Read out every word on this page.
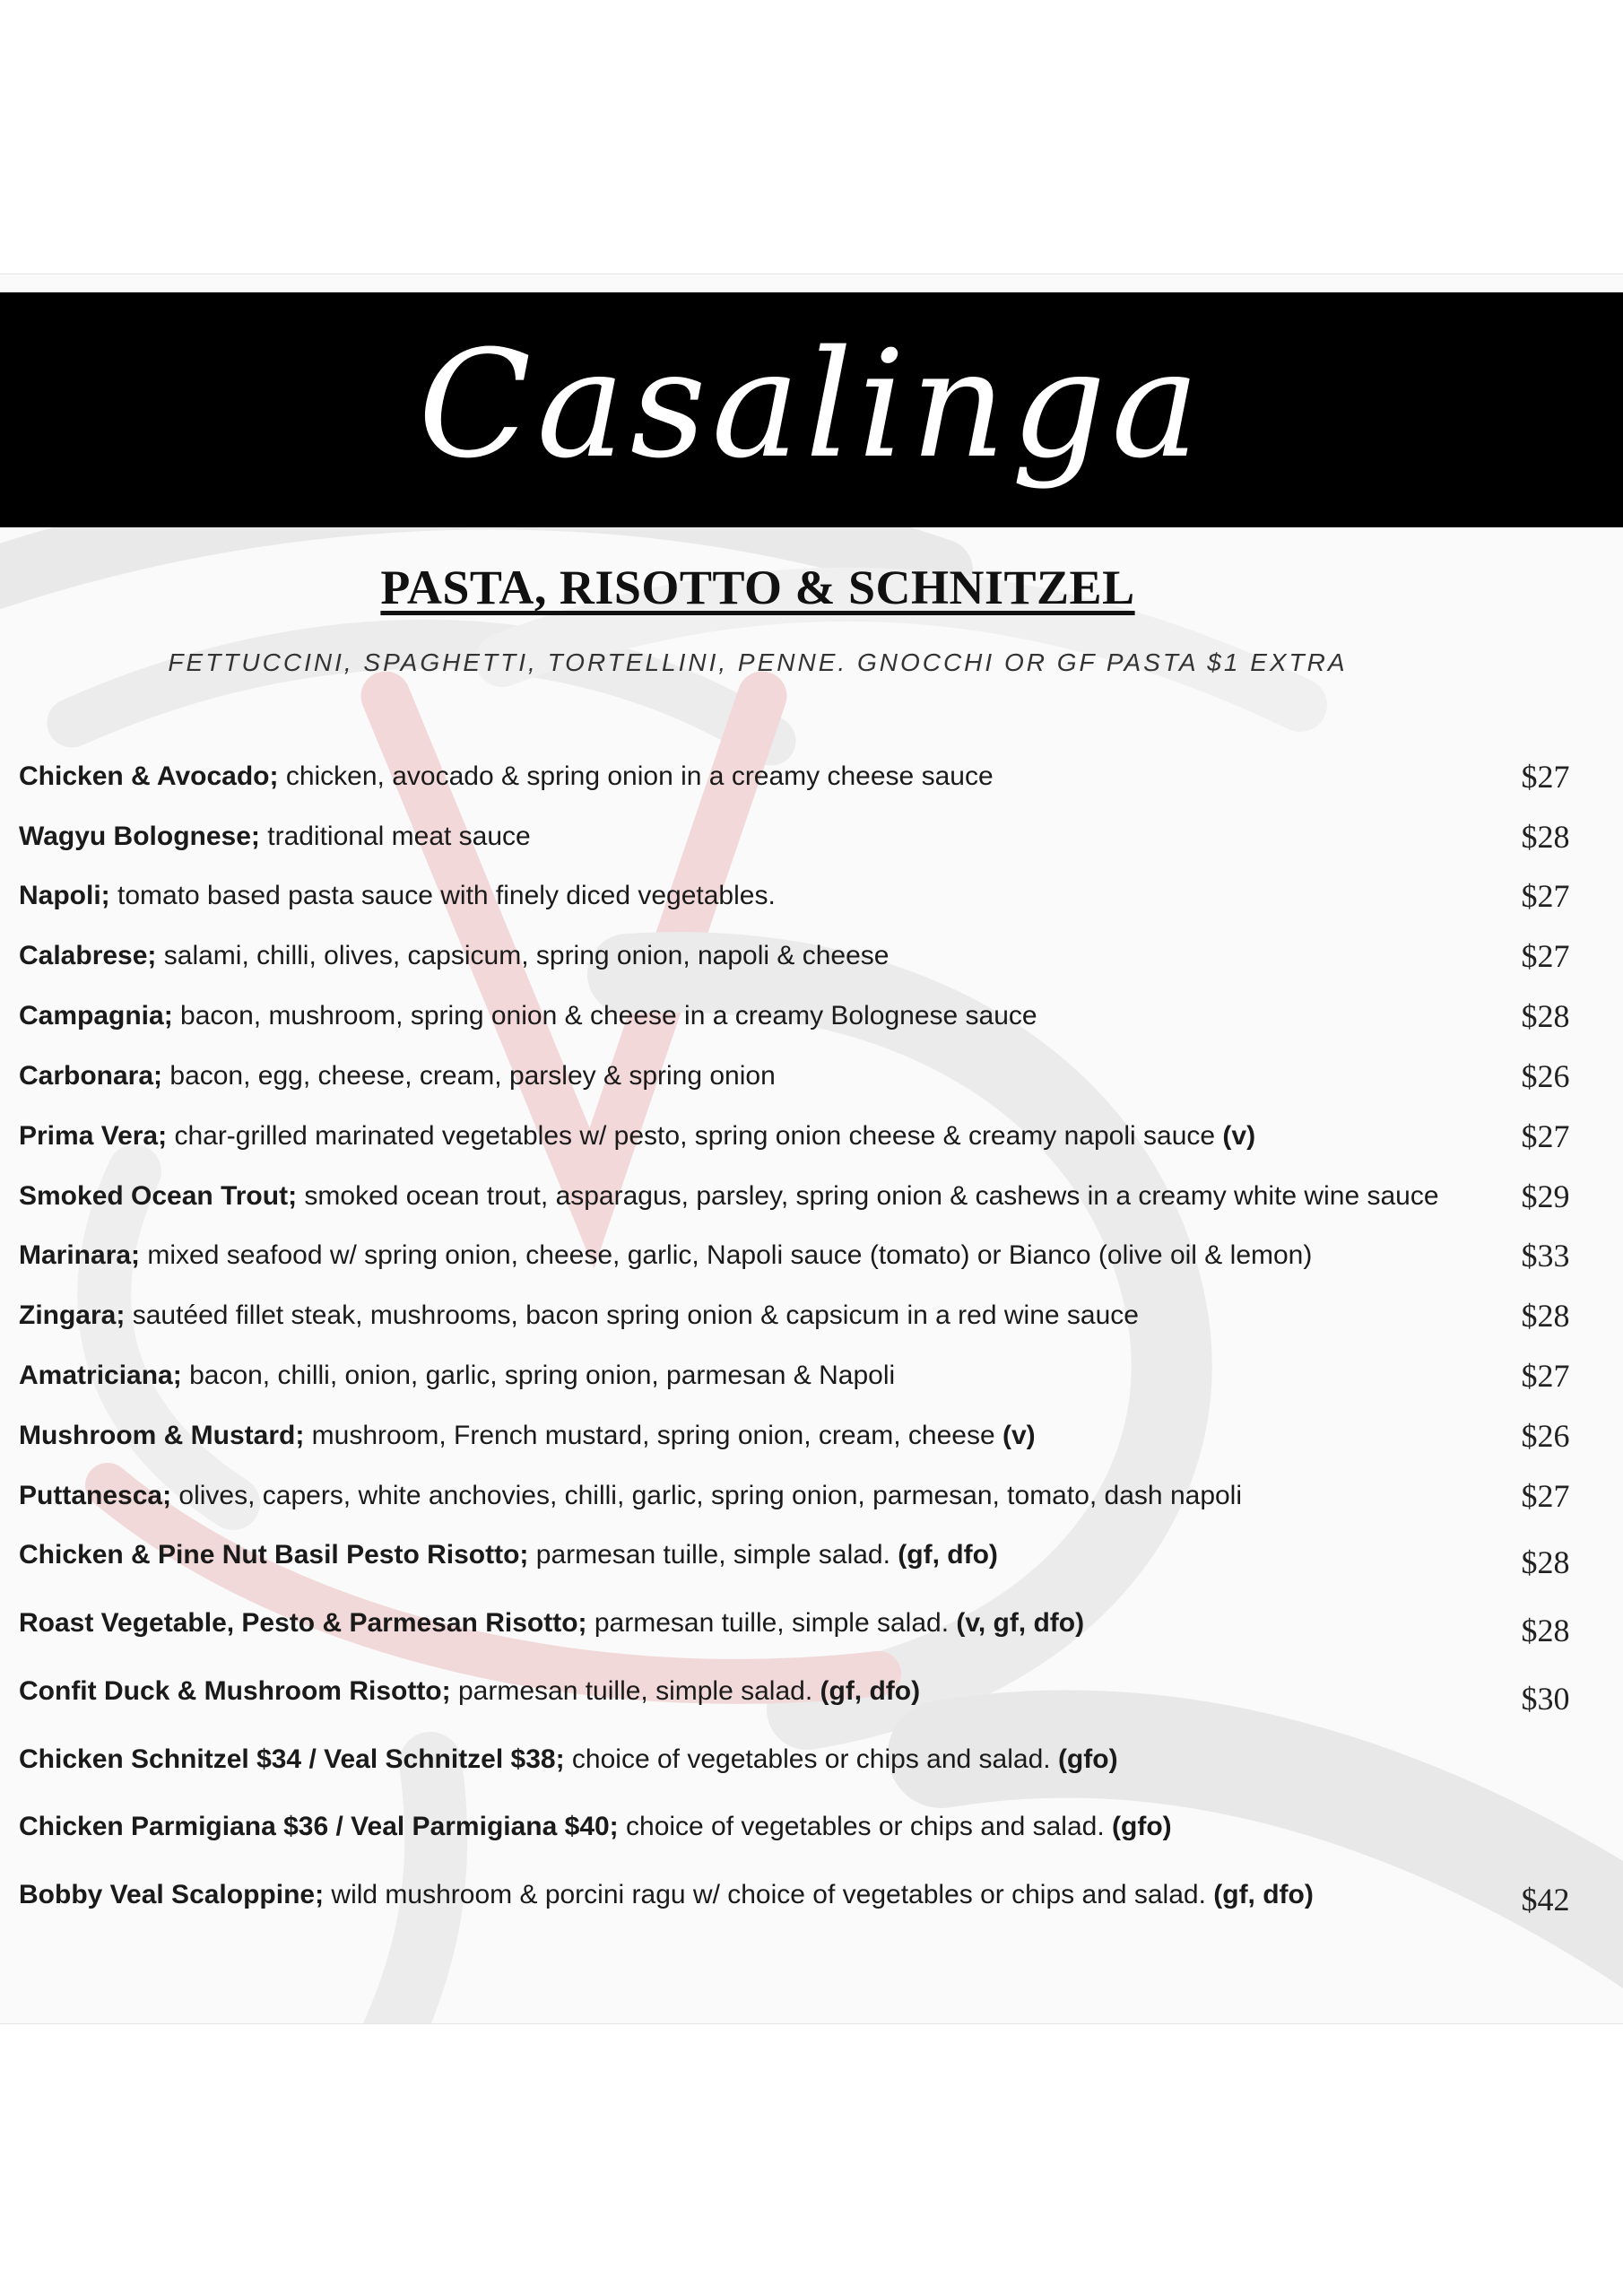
Casalinga
PASTA, RISOTTO & SCHNITZEL
FETTUCCINI, SPAGHETTI, TORTELLINI, PENNE. GNOCCHI OR GF PASTA $1 EXTRA
Chicken & Avocado; chicken, avocado & spring onion in a creamy cheese sauce	$27
Wagyu Bolognese; traditional meat sauce	$28
Napoli; tomato based pasta sauce with finely diced vegetables.	$27
Calabrese; salami, chilli, olives, capsicum, spring onion, napoli & cheese	$27
Campagnia; bacon, mushroom, spring onion & cheese in a creamy Bolognese sauce	$28
Carbonara; bacon, egg, cheese, cream, parsley & spring onion	$26
Prima Vera; char-grilled marinated vegetables w/ pesto, spring onion cheese & creamy napoli sauce (v)	$27
Smoked Ocean Trout; smoked ocean trout, asparagus, parsley, spring onion & cashews in a creamy white wine sauce	$29
Marinara; mixed seafood w/ spring onion, cheese, garlic, Napoli sauce (tomato) or Bianco (olive oil & lemon)	$33
Zingara; sautéed fillet steak, mushrooms, bacon spring onion & capsicum in a red wine sauce	$28
Amatriciana; bacon, chilli, onion, garlic, spring onion, parmesan & Napoli	$27
Mushroom & Mustard; mushroom, French mustard, spring onion, cream, cheese (v)	$26
Puttanesca; olives, capers, white anchovies, chilli, garlic, spring onion, parmesan, tomato, dash napoli	$27
Chicken & Pine Nut Basil Pesto Risotto; parmesan tuille, simple salad. (gf, dfo)	$28
Roast Vegetable, Pesto & Parmesan Risotto; parmesan tuille, simple salad. (v, gf, dfo)	$28
Confit Duck & Mushroom Risotto; parmesan tuille, simple salad. (gf, dfo)	$30
Chicken Schnitzel $34 / Veal Schnitzel $38; choice of vegetables or chips and salad. (gfo)
Chicken Parmigiana $36 / Veal Parmigiana $40; choice of vegetables or chips and salad. (gfo)
Bobby Veal Scaloppine; wild mushroom & porcini ragu w/ choice of vegetables or chips and salad. (gf, dfo)	$42
